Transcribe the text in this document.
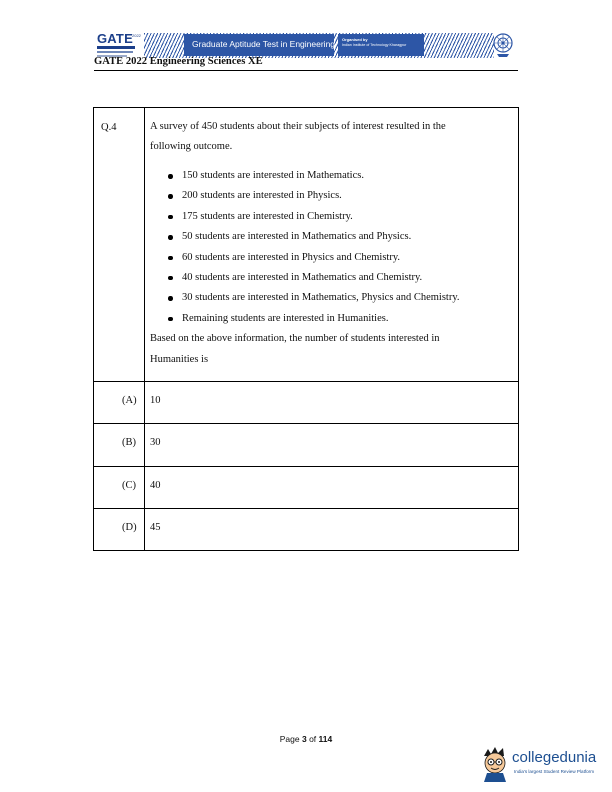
GATE 2022
Graduate Aptitude Test in Engineering Organised by
Indian Institute of Technology Kharagpur
GATE 2022 Engineering Sciences XE
Q.4	A survey of 450 students about their subjects of interest resulted in the
following outcome.
150 students are interested in Mathematics.
200 students are interested in Physics.
175 students are interested in Chemistry.
50 students are interested in Mathematics and Physics.
60 students are interested in Physics and Chemistry.
40 students are interested in Mathematics and Chemistry.
30 students are interested in Mathematics, Physics and Chemistry.
Remaining students are interested in Humanities.
Based on the above information, the number of students interested in
Humanities is
(A) 10
(B) 30
(C) 40
(D) 45
Page 3 of 114
collegedunia
India's largest Student Review Platform
